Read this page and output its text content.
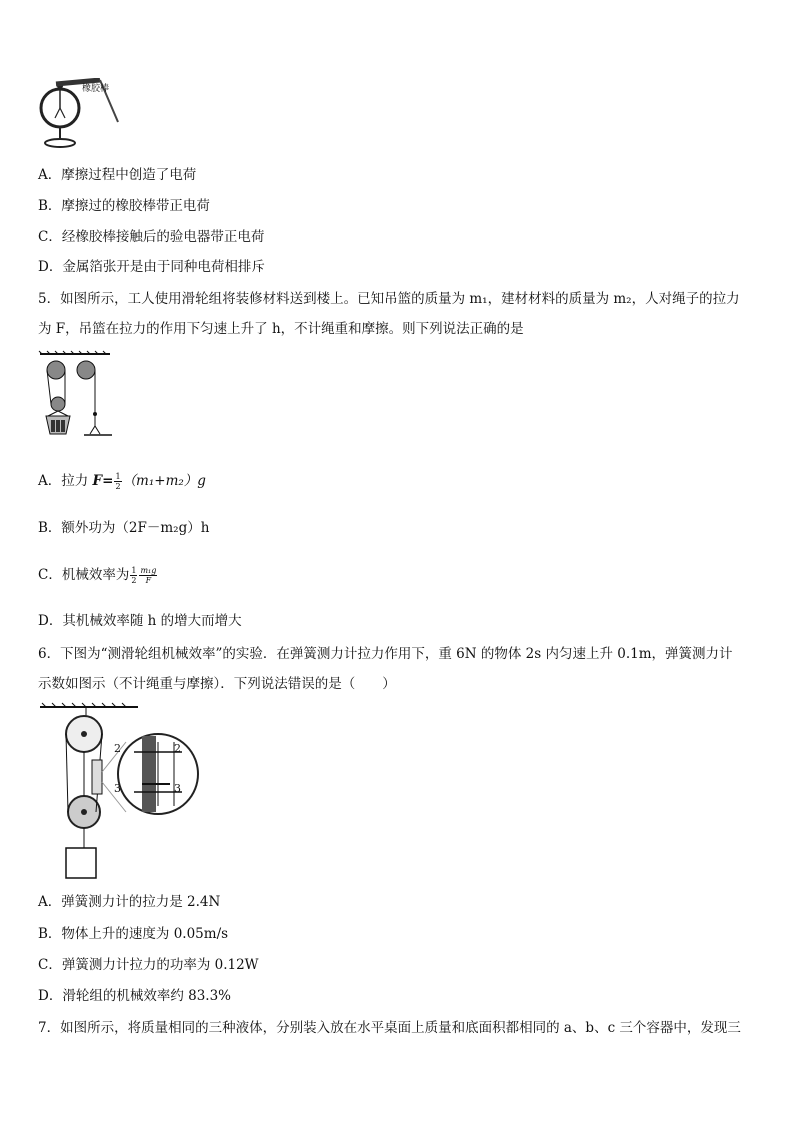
橡胶棒
A．摩擦过程中创造了电荷
B．摩擦过的橡胶棒带正电荷
C．经橡胶棒接触后的验电器带正电荷
D．金属箔张开是由于同种电荷相排斥
5．如图所示，工人使用滑轮组将装修材料送到楼上。已知吊篮的质量为 m₁，建材材料的质量为 m₂，人对绳子的拉力
为 F，吊篮在拉力的作用下匀速上升了 h，不计绳重和摩擦。则下列说法正确的是
A．拉力 $F= \frac{1}{2} (m_1+m_2)g$
B．额外功为（2F－m₂g）h
C．机械效率为 $\frac{1}{2} \frac{\text{m₁g}}{F}$
D．其机械效率随 h 的增大而增大
6．下图为“测滑轮组机械效率”的实验．在弹簧测力计拉力作用下，重 6N 的物体 2s 内匀速上升 0.1m，弹簧测力计
示数如图示（不计绳重与摩擦）．下列说法错误的是（　　）
2	2
3	3
A．弹簧测力计的拉力是 2.4N
B．物体上升的速度为 0.05m/s
C．弹簧测力计拉力的功率为 0.12W
D．滑轮组的机械效率约 83.3%
7．如图所示，将质量相同的三种液体，分别装入放在水平桌面上质量和底面积都相同的 a、b、c 三个容器中，发现三
